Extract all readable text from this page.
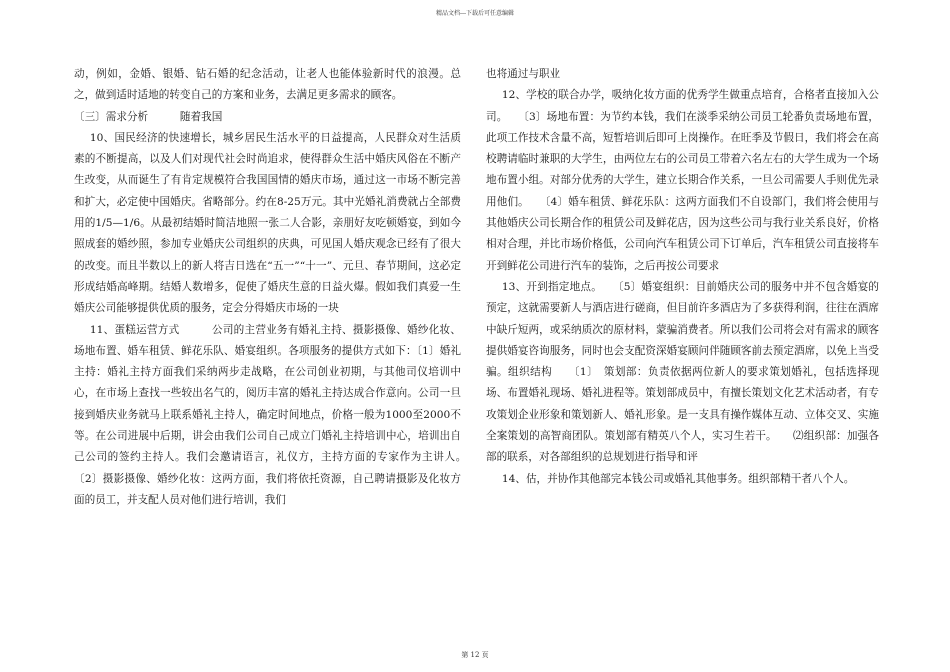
精品文档---下载后可任意编辑

动，例如，金婚、银婚、钻石婚的纪念活动，让老人也能体验新时代的浪漫。总之，做到适时适地的转变自己的方案和业务，去满足更多需求的顾客。

〔三〕需求分析　　　随着我国

10、国民经济的快速增长，城乡居民生活水平的日益提高，人民群众对生活质素的不断提高，以及人们对现代社会时尚追求，使得群众生活中婚庆风俗在不断产生改变，从而诞生了有肯定规模符合我国国情的婚庆市场，通过这一市场不断完善和扩大，必定使中国婚庆。省略部分。约在8-25万元。其中光婚礼消费就占全部费用的1/5—1/6。从最初结婚时简洁地照一张二人合影，亲朋好友吃顿婚宴，到如今照成套的婚纱照，参加专业婚庆公司组织的庆典，可见国人婚庆观念已经有了很大的改变。而且半数以上的新人将吉日选在“五一”“十一”、元旦、春节期间，这必定形成结婚高峰期。结婚人数增多，促使了婚庆生意的日益火爆。假如我们真爱一生婚庆公司能够提供优质的服务，定会分得婚庆市场的一块

11、蛋糕运营方式　　　公司的主营业务有婚礼主持、摄影摄像、婚纱化妆、场地布置、婚车租赁、鲜花乐队、婚宴组织。各项服务的提供方式如下：〔1〕婚礼主持：婚礼主持方面我们采纳两步走战略，在公司创业初期，与其他司仪培训中心，在市场上查找一些较出名气的，阅历丰富的婚礼主持达成合作意向。公司一旦接到婚庆业务就马上联系婚礼主持人，确定时间地点，价格一般为1000至2000不等。在公司进展中后期，讲会由我们公司自己成立门婚礼主持培训中心，培训出自己公司的签约主持人。我们会邀请语言，礼仪方，主持方面的专家作为主讲人。　　〔2〕摄影摄像、婚纱化妆：这两方面，我们将依托资源，自己聘请摄影及化妆方面的员工，并支配人员对他们进行培训，我们

也将通过与职业

12、学校的联合办学，吸纳化妆方面的优秀学生做重点培育，合格者直接加入公司。　　〔3〕场地布置：为节约本钱，我们在淡季采纳公司员工轮番负责场地布置，此项工作技术含量不高，短暂培训后即可上岗操作。在旺季及节假日，我们将会在高校聘请临时兼职的大学生，由两位左右的公司员工带着六名左右的大学生成为一个场地布置小组。对部分优秀的大学生，建立长期合作关系，一旦公司需要人手则优先录用他们。　　〔4〕婚车租赁、鲜花乐队：这两方面我们不自设部门，我们将会使用与其他婚庆公司长期合作的租赁公司及鲜花店，因为这些公司与我行业关系良好，价格相对合理，并比市场价格低，公司向汽车租赁公司下订单后，汽车租赁公司直接将车开到鲜花公司进行汽车的装饰，之后再按公司要求

13、开到指定地点。　　〔5〕婚宴组织：目前婚庆公司的服务中并不包含婚宴的预定，这就需要新人与酒店进行磋商，但目前许多酒店为了多获得利润，往往在酒席中缺斤短两，或采纳质次的原材料，蒙骗消费者。所以我们公司将会对有需求的顾客提供婚宴咨询服务，同时也会支配资深婚宴顾问伴随顾客前去预定酒席，以免上当受骗。组织结构　　〔1〕　策划部：负责依据两位新人的要求策划婚礼，包括选择现场、布置婚礼现场、婚礼进程等。策划部成员中，有擅长策划文化艺术活动者，有专攻策划企业形象和策划新人、婚礼形象。是一支具有操作媒体互动、立体交叉、实施全案策划的高智商团队。策划部有精英八个人，实习生若干。　　⑵组织部：加强各部的联系，对各部组织的总规划进行指导和评

14、估，并协作其他部完本钱公司或婚礼其他事务。组织部精干者八个人。

第 12 页
